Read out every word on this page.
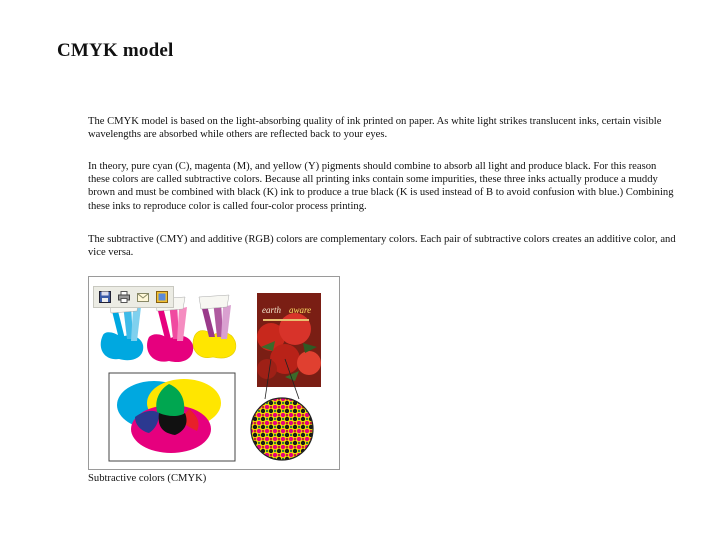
CMYK model

The CMYK model is based on the light-absorbing quality of ink printed on paper. As white light strikes translucent inks, certain visible wavelengths are absorbed while others are reflected back to your eyes.

In theory, pure cyan (C), magenta (M), and yellow (Y) pigments should combine to absorb all light and produce black. For this reason these colors are called subtractive colors. Because all printing inks contain some impurities, these three inks actually produce a muddy brown and must be combined with black (K) ink to produce a true black (K is used instead of B to avoid confusion with blue.) Combining these inks to reproduce color is called four-color process printing.

The subtractive (CMY) and additive (RGB) colors are complementary colors. Each pair of subtractive colors creates an additive color, and vice versa.

earth aware
Subtractive colors (CMYK)
